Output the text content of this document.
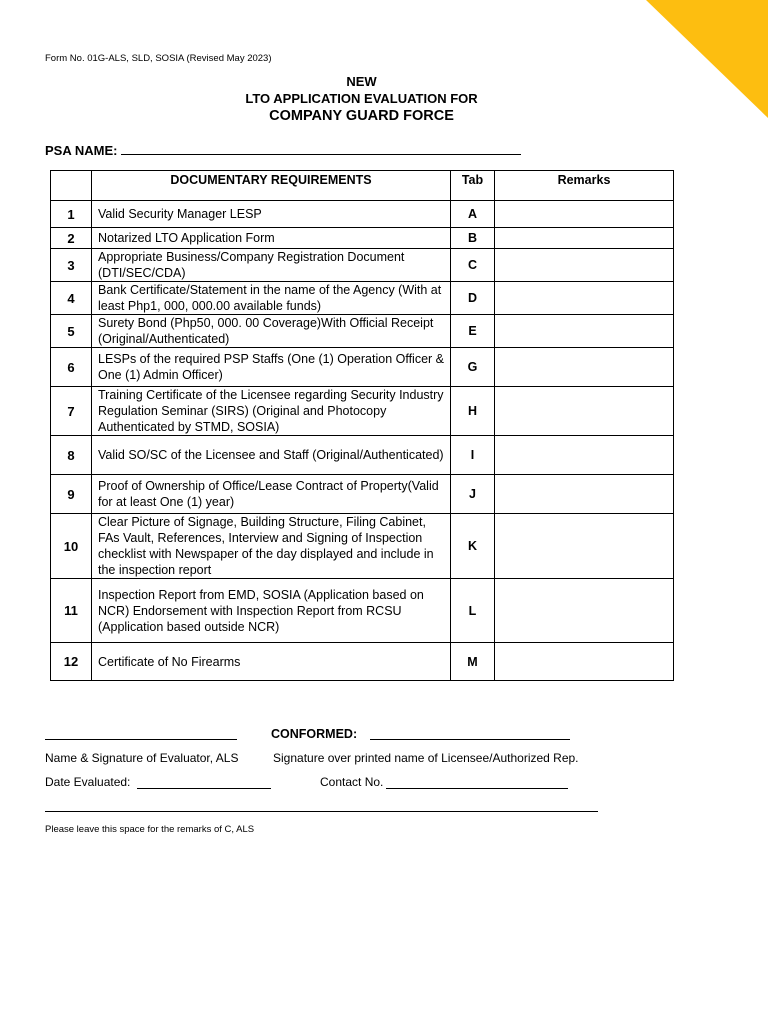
Form No. 01G-ALS, SLD, SOSIA (Revised May 2023)
NEW
LTO APPLICATION EVALUATION FOR
COMPANY GUARD FORCE
PSA NAME:
	DOCUMENTARY REQUIREMENTS	Tab	Remarks
1	Valid Security Manager LESP	A	
2	Notarized LTO Application Form	B	
3	Appropriate Business/Company Registration Document (DTI/SEC/CDA)	C	
4	Bank Certificate/Statement in the name of the Agency (With at least Php1, 000, 000.00 available funds)	D	
5	Surety Bond (Php50, 000. 00 Coverage)With Official Receipt (Original/Authenticated)	E	
6	LESPs of the required PSP Staffs (One (1) Operation Officer & One (1) Admin Officer)	G	
7	Training Certificate of the Licensee regarding Security Industry Regulation Seminar (SIRS) (Original and Photocopy Authenticated by STMD, SOSIA)	H	
8	Valid SO/SC of the Licensee and Staff (Original/Authenticated)	I	
9	Proof of Ownership of Office/Lease Contract of Property(Valid for at least One (1) year)	J	
10	Clear Picture of Signage, Building Structure, Filing Cabinet, FAs Vault, References, Interview and Signing of Inspection checklist with Newspaper of the day displayed and include in the inspection report	K	
11	Inspection Report from EMD, SOSIA (Application based on NCR) Endorsement with Inspection Report from RCSU (Application based outside NCR)	L	
12	Certificate of No Firearms	M	
CONFORMED:
Name & Signature of Evaluator, ALS	Signature over printed name of Licensee/Authorized Rep.
Date Evaluated:	Contact No.
Please leave this space for the remarks of C, ALS
